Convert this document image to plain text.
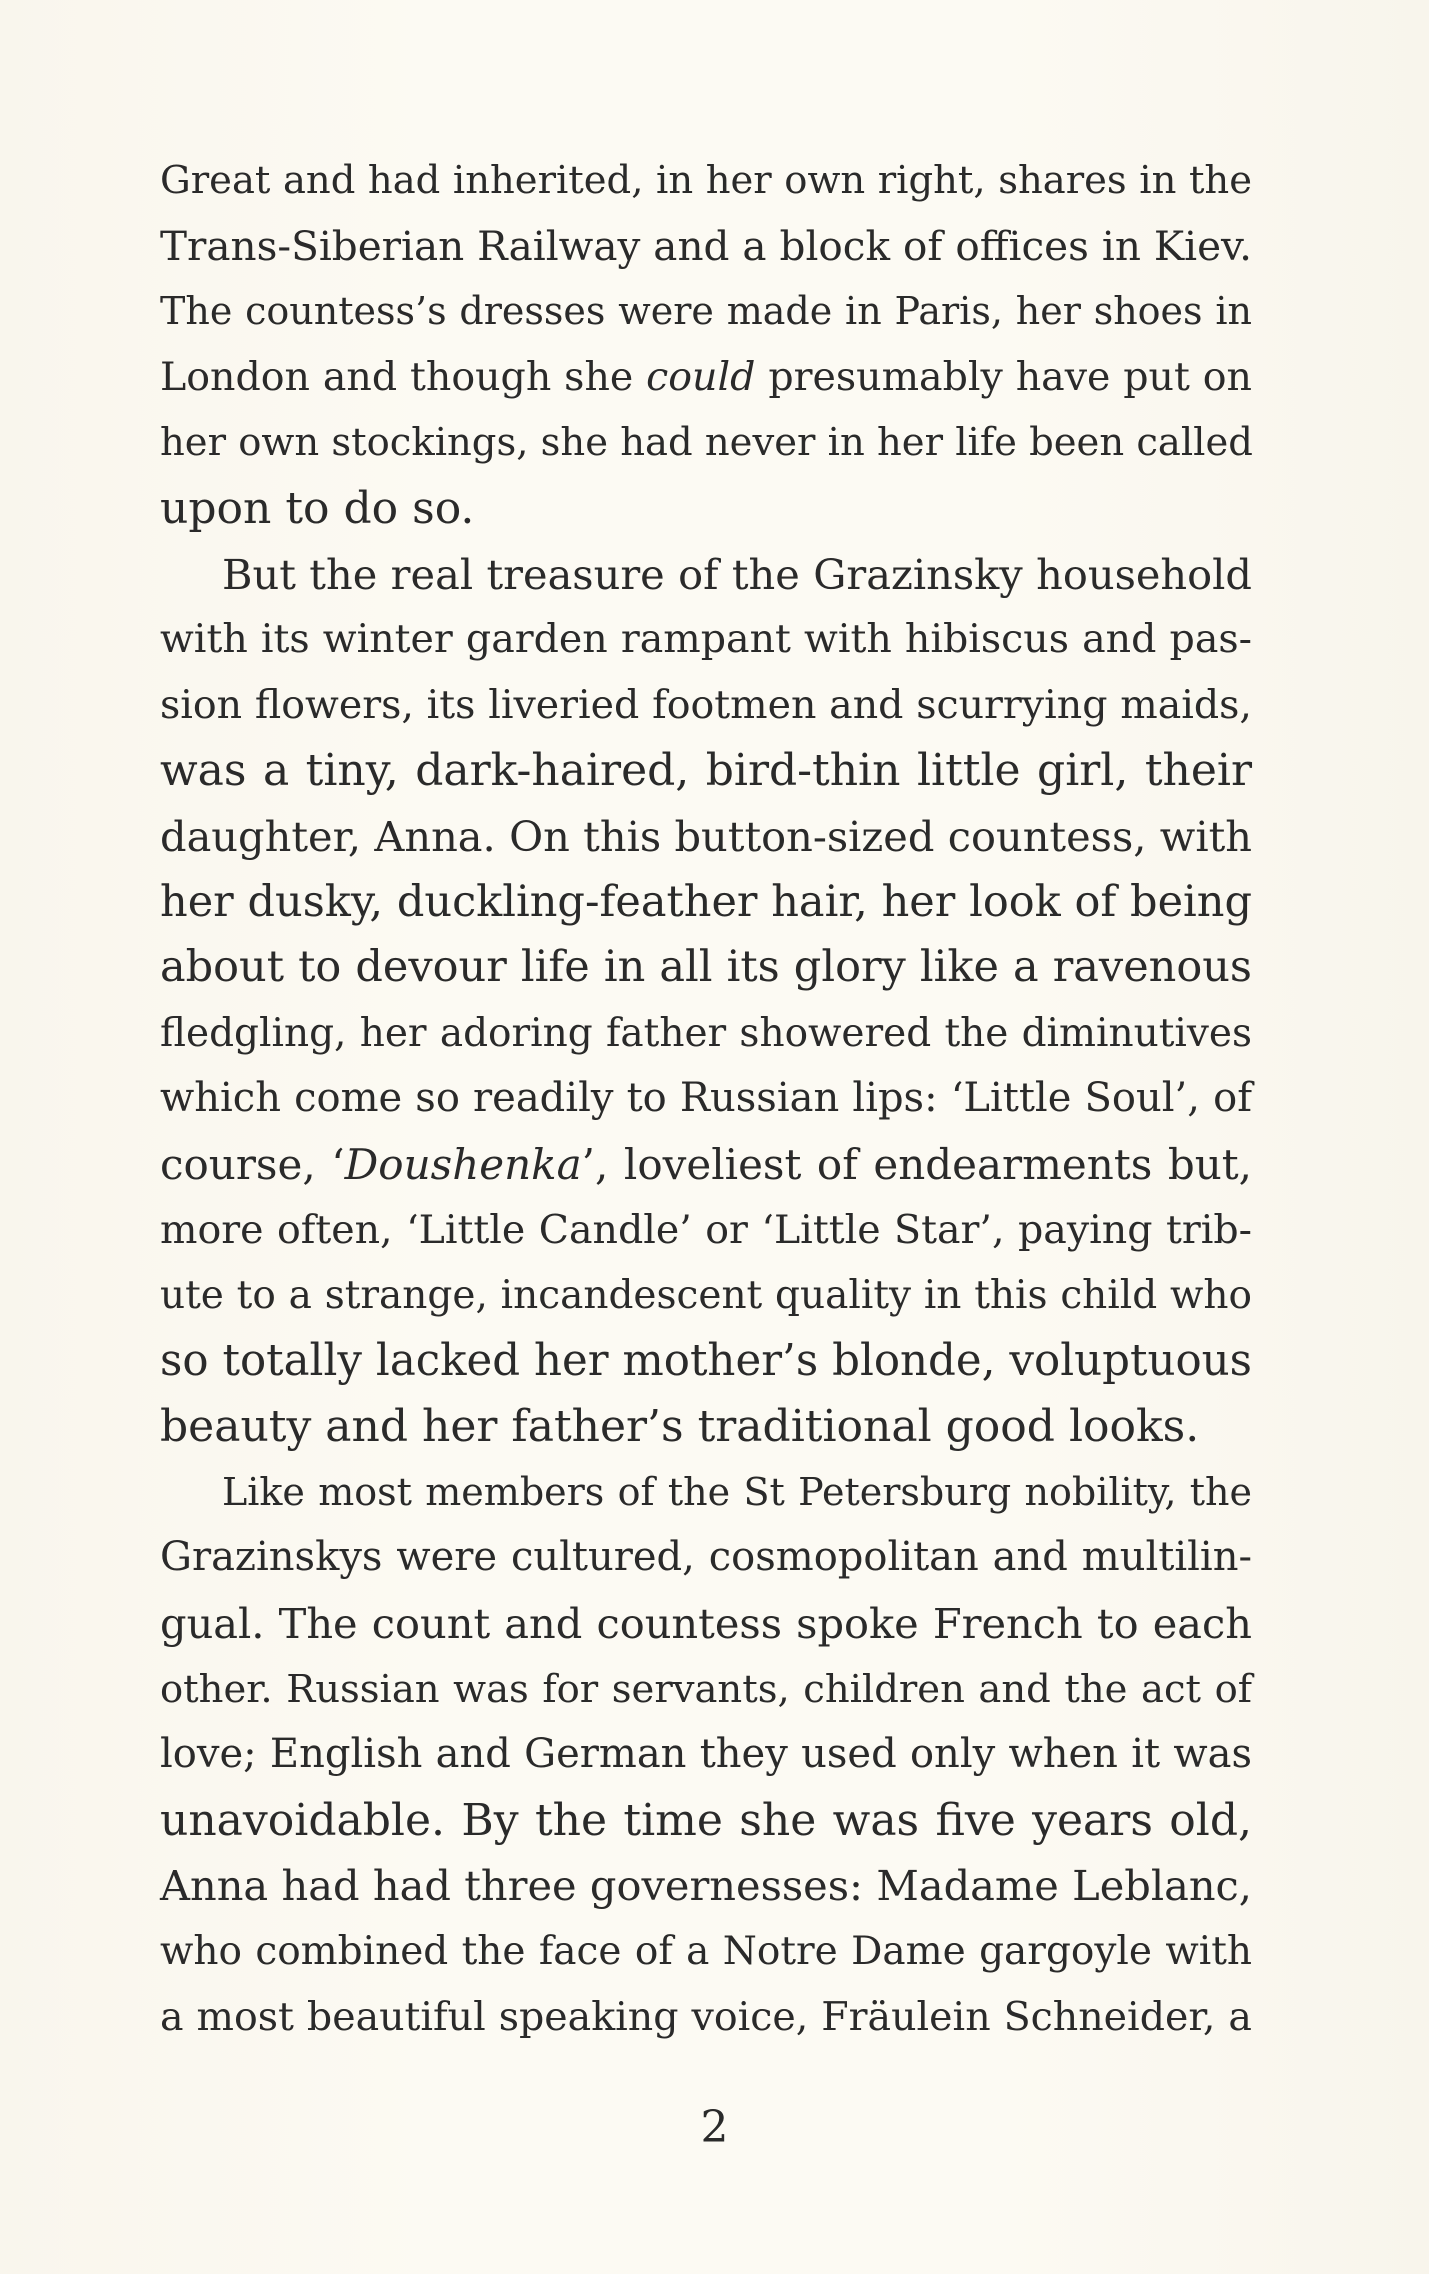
Great and had inherited, in her own right, shares in the
Trans-Siberian Railway and a block of offices in Kiev.
The countess’s dresses were made in Paris, her shoes in
London and though she could presumably have put on
her own stockings, she had never in her life been called
upon to do so.
But the real treasure of the Grazinsky household
with its winter garden rampant with hibiscus and pas-
sion flowers, its liveried footmen and scurrying maids,
was a tiny, dark-haired, bird-thin little girl, their
daughter, Anna. On this button-sized countess, with
her dusky, duckling-feather hair, her look of being
about to devour life in all its glory like a ravenous
fledgling, her adoring father showered the diminutives
which come so readily to Russian lips: ‘Little Soul’, of
course, ‘Doushenka’, loveliest of endearments but,
more often, ‘Little Candle’ or ‘Little Star’, paying trib-
ute to a strange, incandescent quality in this child who
so totally lacked her mother’s blonde, voluptuous
beauty and her father’s traditional good looks.
Like most members of the St Petersburg nobility, the
Grazinskys were cultured, cosmopolitan and multilin-
gual. The count and countess spoke French to each
other. Russian was for servants, children and the act of
love; English and German they used only when it was
unavoidable. By the time she was five years old,
Anna had had three governesses: Madame Leblanc,
who combined the face of a Notre Dame gargoyle with
a most beautiful speaking voice, Fräulein Schneider, a
2
